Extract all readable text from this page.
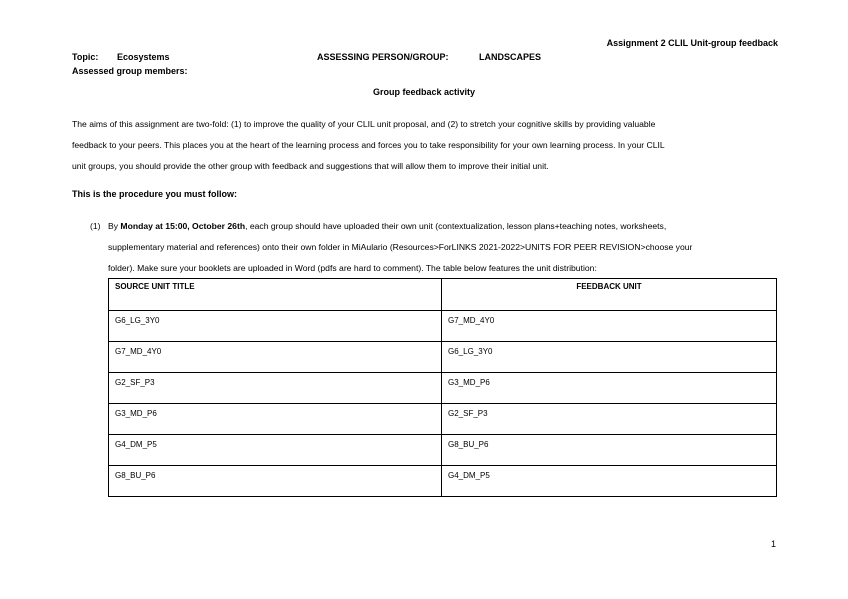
Assignment 2 CLIL Unit-group feedback
Topic: Ecosystems	ASSESSING PERSON/GROUP:	LANDSCAPES
Assessed group members:
Group feedback activity
The aims of this assignment are two-fold: (1) to improve the quality of your CLIL unit proposal, and (2) to stretch your cognitive skills by providing valuable
feedback to your peers. This places you at the heart of the learning process and forces you to take responsibility for your own learning process. In your CLIL
unit groups, you should provide the other group with feedback and suggestions that will allow them to improve their initial unit.
This is the procedure you must follow:
(1) By Monday at 15:00, October 26th, each group should have uploaded their own unit (contextualization, lesson plans+teaching notes, worksheets,
supplementary material and references) onto their own folder in MiAulario (Resources>ForLINKS 2021-2022>UNITS FOR PEER REVISION>choose your
folder). Make sure your booklets are uploaded in Word (pdfs are hard to comment). The table below features the unit distribution:
SOURCE UNIT TITLE	FEEDBACK UNIT
G6_LG_3Y0	G7_MD_4Y0
G7_MD_4Y0	G6_LG_3Y0
G2_SF_P3	G3_MD_P6
G3_MD_P6	G2_SF_P3
G4_DM_P5	G8_BU_P6
G8_BU_P6	G4_DM_P5
1
